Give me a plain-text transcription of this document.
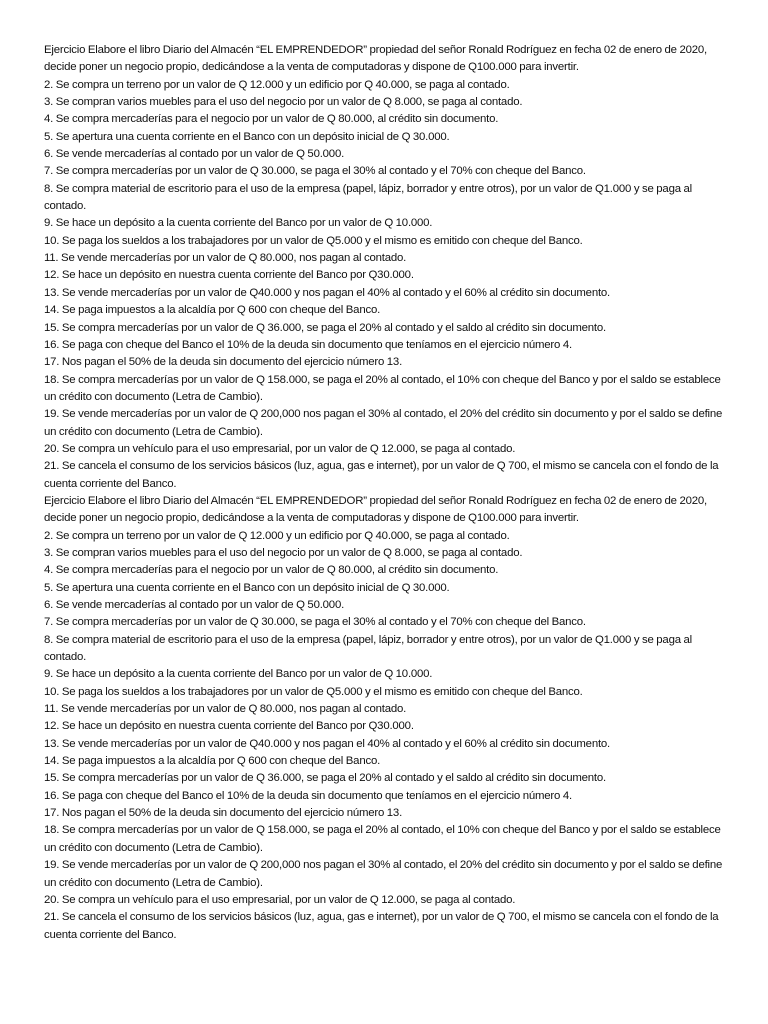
Ejercicio Elabore el libro Diario del Almacén “EL EMPRENDEDOR” propiedad del señor Ronald Rodríguez en fecha 02 de enero de 2020, decide poner un negocio propio, dedicándose a la venta de computadoras y dispone de Q100.000 para invertir.

2. Se compra un terreno por un valor de Q 12.000 y un edificio por Q 40.000, se paga al contado.

3. Se compran varios muebles para el uso del negocio por un valor de Q 8.000, se paga al contado.

4. Se compra mercaderías para el negocio por un valor de Q 80.000, al crédito sin documento.

5. Se apertura una cuenta corriente en el Banco con un depósito inicial de Q 30.000.

6. Se vende mercaderías al contado por un valor de Q 50.000.

7. Se compra mercaderías por un valor de Q 30.000, se paga el 30% al contado y el 70% con cheque del Banco.

8. Se compra material de escritorio para el uso de la empresa (papel, lápiz, borrador y entre otros), por un valor de Q1.000 y se paga al contado.

9. Se hace un depósito a la cuenta corriente del Banco por un valor de Q 10.000.

10. Se paga los sueldos a los trabajadores por un valor de Q5.000 y el mismo es emitido con cheque del Banco.

11. Se vende mercaderías por un valor de Q 80.000, nos pagan al contado.

12. Se hace un depósito en nuestra cuenta corriente del Banco por Q30.000.

13. Se vende mercaderías por un valor de Q40.000 y nos pagan el 40% al contado y el 60% al crédito sin documento.

14. Se paga impuestos a la alcaldía por Q 600 con cheque del Banco.

15. Se compra mercaderías por un valor de Q 36.000, se paga el 20% al contado y el saldo al crédito sin documento.

16. Se paga con cheque del Banco el 10% de la deuda sin documento que teníamos en el ejercicio número 4.

17. Nos pagan el 50% de la deuda sin documento del ejercicio número 13.

18. Se compra mercaderías por un valor de Q 158.000, se paga el 20% al contado, el 10% con cheque del Banco y por el saldo se establece un crédito con documento (Letra de Cambio).

19. Se vende mercaderías por un valor de Q 200,000 nos pagan el 30% al contado, el 20% del crédito sin documento y por el saldo se define un crédito con documento (Letra de Cambio).

20. Se compra un vehículo para el uso empresarial, por un valor de Q 12.000, se paga al contado.

21. Se cancela el consumo de los servicios básicos (luz, agua, gas e internet), por un valor de Q 700, el mismo se cancela con el fondo de la cuenta corriente del Banco.

Ejercicio Elabore el libro Diario del Almacén “EL EMPRENDEDOR” propiedad del señor Ronald Rodríguez en fecha 02 de enero de 2020, decide poner un negocio propio, dedicándose a la venta de computadoras y dispone de Q100.000 para invertir.

2. Se compra un terreno por un valor de Q 12.000 y un edificio por Q 40.000, se paga al contado.

3. Se compran varios muebles para el uso del negocio por un valor de Q 8.000, se paga al contado.

4. Se compra mercaderías para el negocio por un valor de Q 80.000, al crédito sin documento.

5. Se apertura una cuenta corriente en el Banco con un depósito inicial de Q 30.000.

6. Se vende mercaderías al contado por un valor de Q 50.000.

7. Se compra mercaderías por un valor de Q 30.000, se paga el 30% al contado y el 70% con cheque del Banco.

8. Se compra material de escritorio para el uso de la empresa (papel, lápiz, borrador y entre otros), por un valor de Q1.000 y se paga al contado.

9. Se hace un depósito a la cuenta corriente del Banco por un valor de Q 10.000.

10. Se paga los sueldos a los trabajadores por un valor de Q5.000 y el mismo es emitido con cheque del Banco.

11. Se vende mercaderías por un valor de Q 80.000, nos pagan al contado.

12. Se hace un depósito en nuestra cuenta corriente del Banco por Q30.000.

13. Se vende mercaderías por un valor de Q40.000 y nos pagan el 40% al contado y el 60% al crédito sin documento.

14. Se paga impuestos a la alcaldía por Q 600 con cheque del Banco.

15. Se compra mercaderías por un valor de Q 36.000, se paga el 20% al contado y el saldo al crédito sin documento.

16. Se paga con cheque del Banco el 10% de la deuda sin documento que teníamos en el ejercicio número 4.

17. Nos pagan el 50% de la deuda sin documento del ejercicio número 13.

18. Se compra mercaderías por un valor de Q 158.000, se paga el 20% al contado, el 10% con cheque del Banco y por el saldo se establece un crédito con documento (Letra de Cambio).

19. Se vende mercaderías por un valor de Q 200,000 nos pagan el 30% al contado, el 20% del crédito sin documento y por el saldo se define un crédito con documento (Letra de Cambio).

20. Se compra un vehículo para el uso empresarial, por un valor de Q 12.000, se paga al contado.

21. Se cancela el consumo de los servicios básicos (luz, agua, gas e internet), por un valor de Q 700, el mismo se cancela con el fondo de la cuenta corriente del Banco.
